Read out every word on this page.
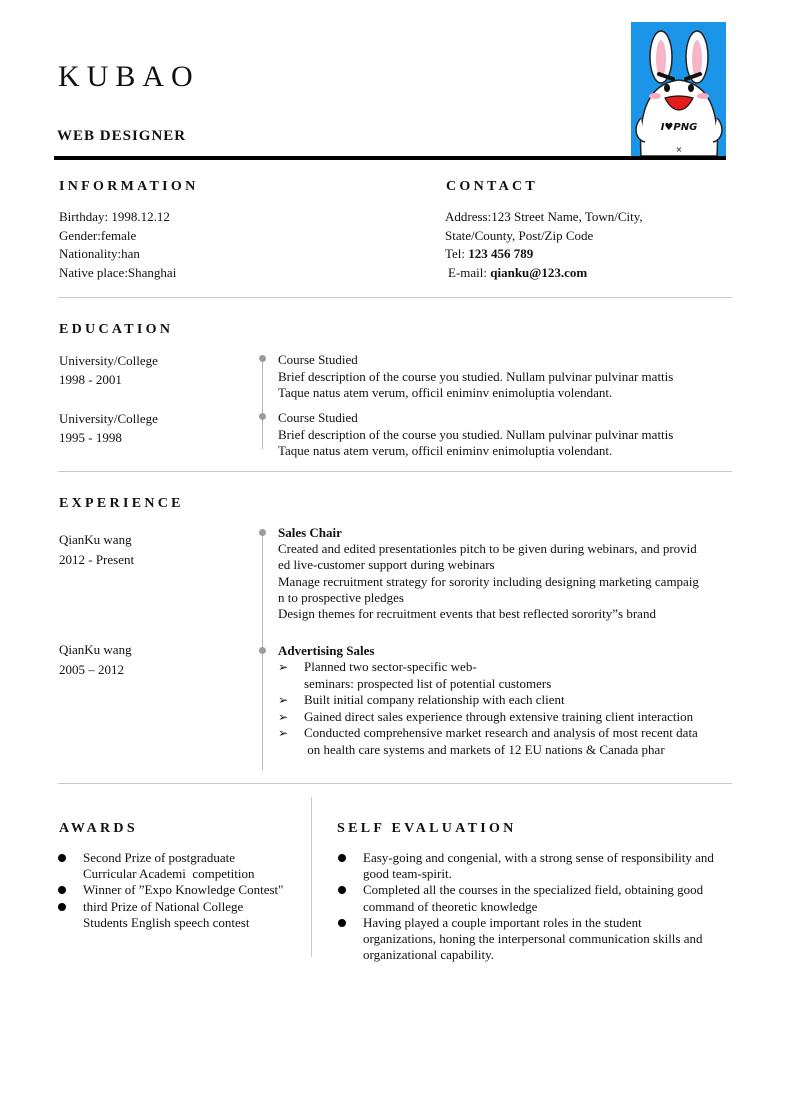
KUBAO
WEB DESIGNER
I♥PNG
×
INFORMATION
Birthday: 1998.12.12
Gender:female
Nationality:han
Native place:Shanghai
CONTACT
Address:123 Street Name, Town/City,
State/County, Post/Zip Code
Tel: 123 456 789
E-mail: qianku@123.com
EDUCATION
University/College
1998 - 2001
Course Studied
Brief description of the course you studied. Nullam pulvinar pulvinar mattis
Taque natus atem verum, officil eniminv enimoluptia volendant.
University/College
1995 - 1998
Course Studied
Brief description of the course you studied. Nullam pulvinar pulvinar mattis
Taque natus atem verum, officil eniminv enimoluptia volendant.
EXPERIENCE
QianKu wang
2012 - Present
Sales Chair
Created and edited presentationles pitch to be given during webinars, and provid
ed live-customer support during webinars
Manage recruitment strategy for sorority including designing marketing campaig
n to prospective pledges
Design themes for recruitment events that best reflected sorority”s brand
QianKu wang
2005 – 2012
Advertising Sales
➢ Planned two sector-specific web-
seminars: prospected list of potential customers
➢ Built initial company relationship with each client
➢ Gained direct sales experience through extensive training client interaction
➢ Conducted comprehensive market research and analysis of most recent data
on health care systems and markets of 12 EU nations & Canada phar
AWARDS
Second Prize of postgraduate
Curricular Academi  competition
Winner of ”Expo Knowledge Contest"
third Prize of National College
Students English speech contest
SELF EVALUATION
Easy-going and congenial, with a strong sense of responsibility and
good team-spirit.
Completed all the courses in the specialized field, obtaining good
command of theoretic knowledge
Having played a couple important roles in the student
organizations, honing the interpersonal communication skills and
organizational capability.
